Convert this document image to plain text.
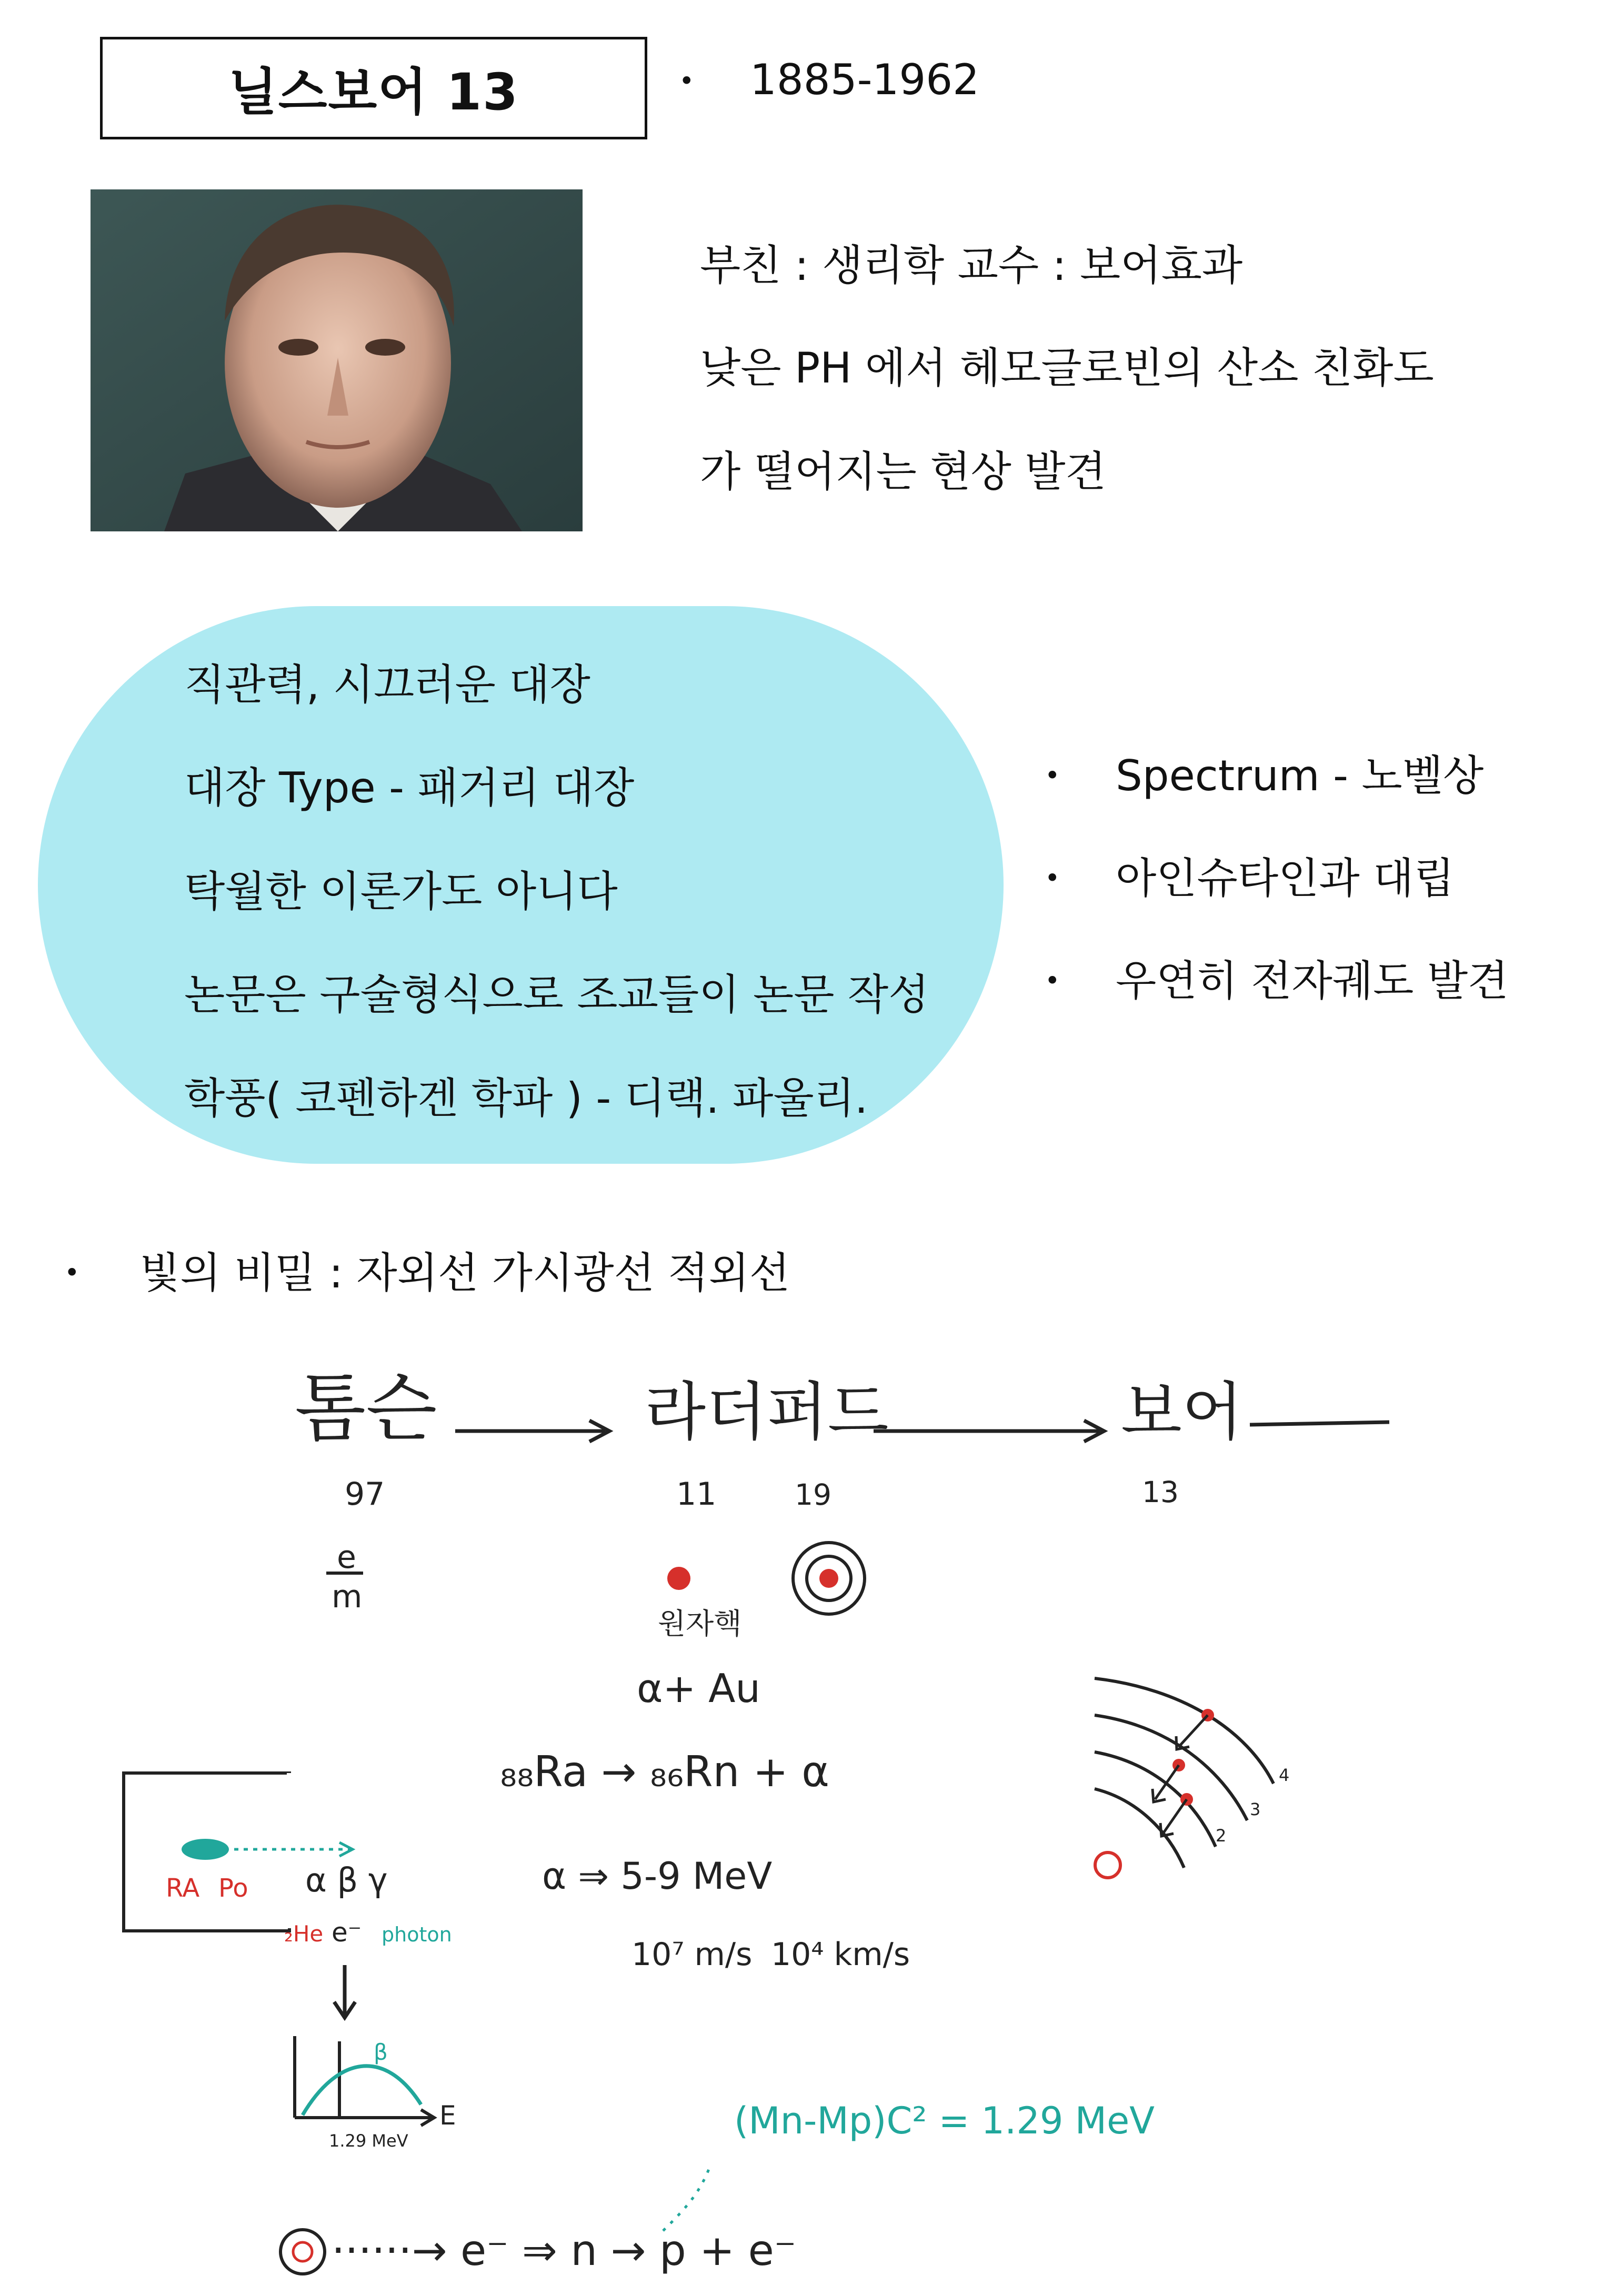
닐스보어 13	• 1885-1962
부친 : 생리학 교수 : 보어효과
낮은 PH 에서 헤모글로빈의 산소 친화도
가 떨어지는 현상 발견
직관력, 시끄러운 대장
대장 Type - 패거리 대장
탁월한 이론가도 아니다
논문은 구술형식으로 조교들이 논문 작성
학풍( 코펜하겐 학파 ) - 디랙. 파울리.
• Spectrum - 노벨상
• 아인슈타인과 대립
• 우연히 전자궤도 발견
• 빛의 비밀 : 자외선 가시광선 적외선
톰슨	라더퍼드	보어
97	11	19	13
e
m
원자핵
α+ Au
₈₈Ra → ₈₆Rn + α
α ⇒ 5-9 MeV
10⁷ m/s 10⁴ km/s
RA Po α β γ
₂He e⁻ photon
β
E
1.29 MeV	(Mn-Mp)C² = 1.29 MeV
······→ e⁻ ⇒ n → p + e⁻
4
3
2
